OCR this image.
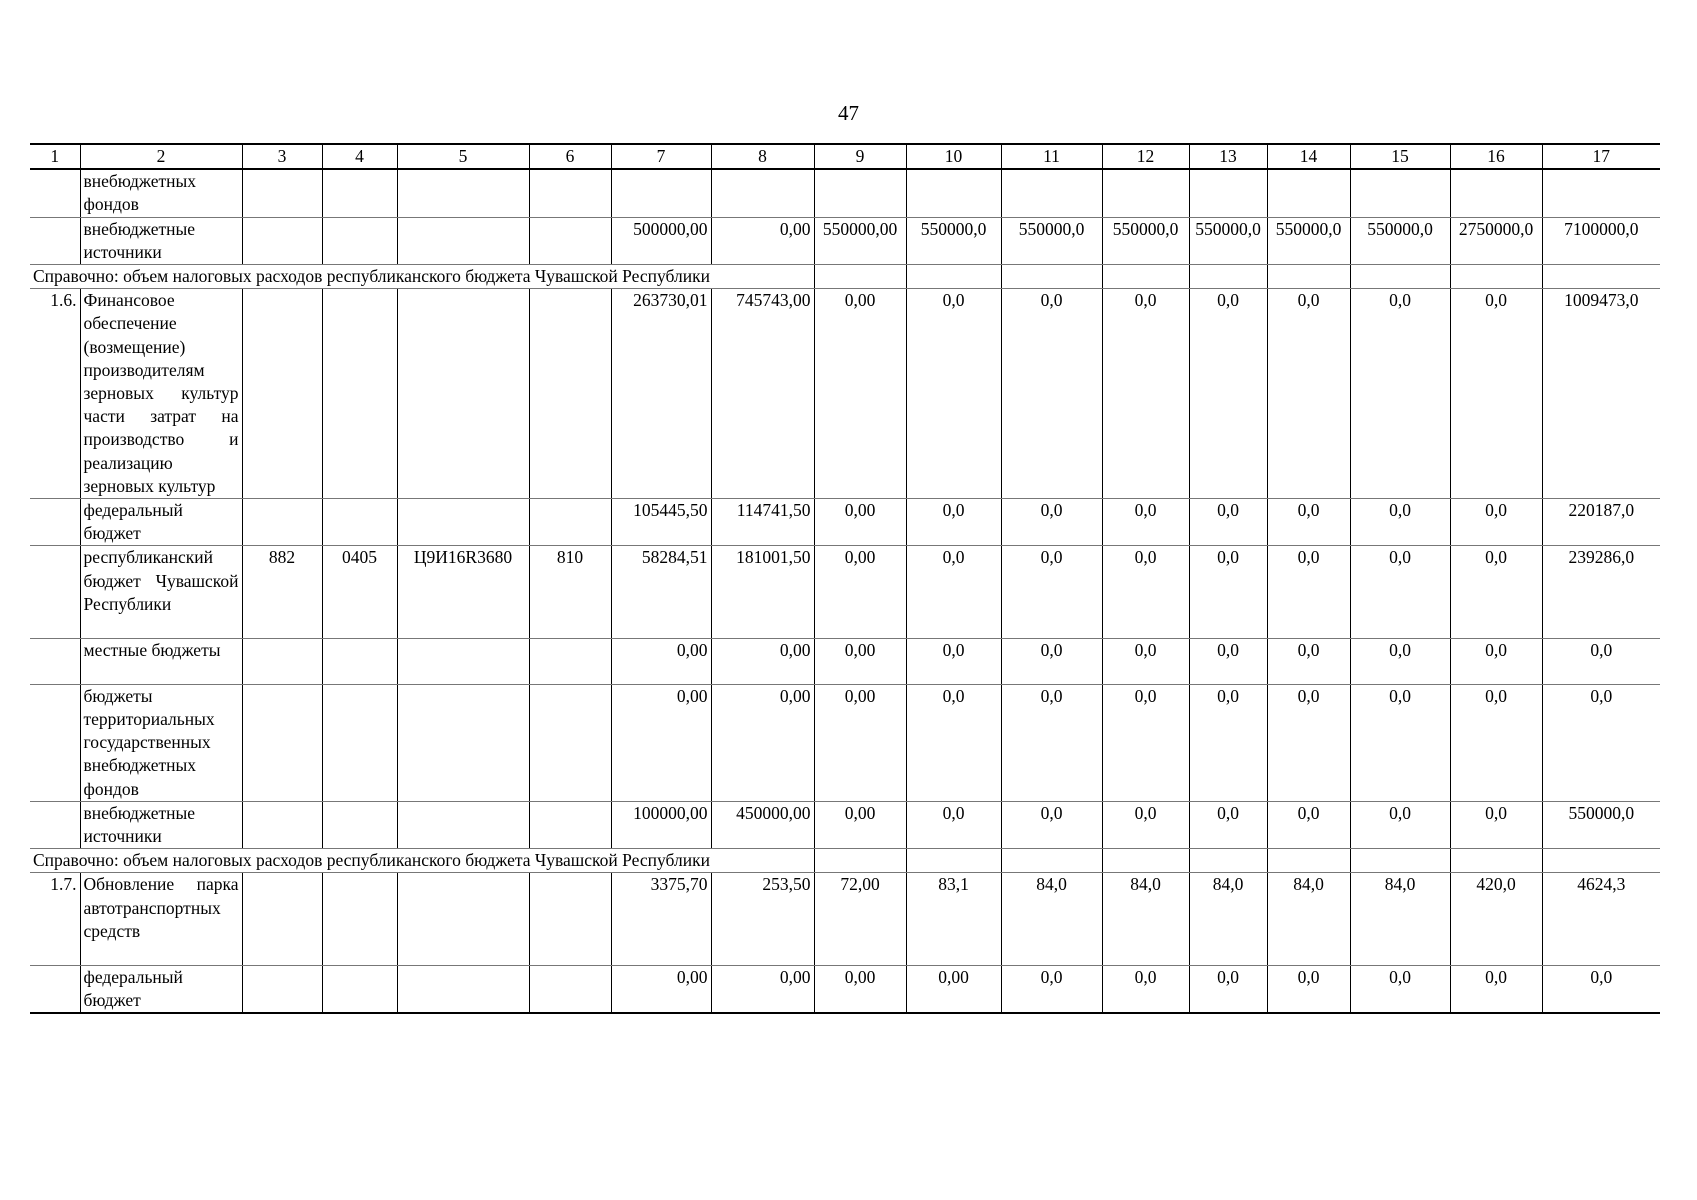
47
1	2	3	4	5	6	7	8	9	10	11	12	13	14	15	16	17
	внебюджетных фондов															
	внебюджетные источники					500000,00	0,00	550000,00	550000,0	550000,0	550000,0	550000,0	550000,0	550000,0	2750000,0	7100000,0
Справочно: объем налоговых расходов республиканского бюджета Чувашской Республики																
1.6.	Финансовое обеспечение (возмещение) производителям зерновых культур части затрат на производство и реализацию зерновых культур					263730,01	745743,00	0,00	0,0	0,0	0,0	0,0	0,0	0,0	0,0	1009473,0
	федеральный бюджет					105445,50	114741,50	0,00	0,0	0,0	0,0	0,0	0,0	0,0	0,0	220187,0
	республиканский бюджет Чувашской Республики	882	0405	Ц9И16R3680	810	58284,51	181001,50	0,00	0,0	0,0	0,0	0,0	0,0	0,0	0,0	239286,0
	местные бюджеты					0,00	0,00	0,00	0,0	0,0	0,0	0,0	0,0	0,0	0,0	0,0
	бюджеты территориальных государственных внебюджетных фондов					0,00	0,00	0,00	0,0	0,0	0,0	0,0	0,0	0,0	0,0	0,0
	внебюджетные источники					100000,00	450000,00	0,00	0,0	0,0	0,0	0,0	0,0	0,0	0,0	550000,0
Справочно: объем налоговых расходов республиканского бюджета Чувашской Республики																
1.7.	Обновление парка автотранспортных средств					3375,70	253,50	72,00	83,1	84,0	84,0	84,0	84,0	84,0	420,0	4624,3
	федеральный бюджет					0,00	0,00	0,00	0,00	0,0	0,0	0,0	0,0	0,0	0,0	0,0
